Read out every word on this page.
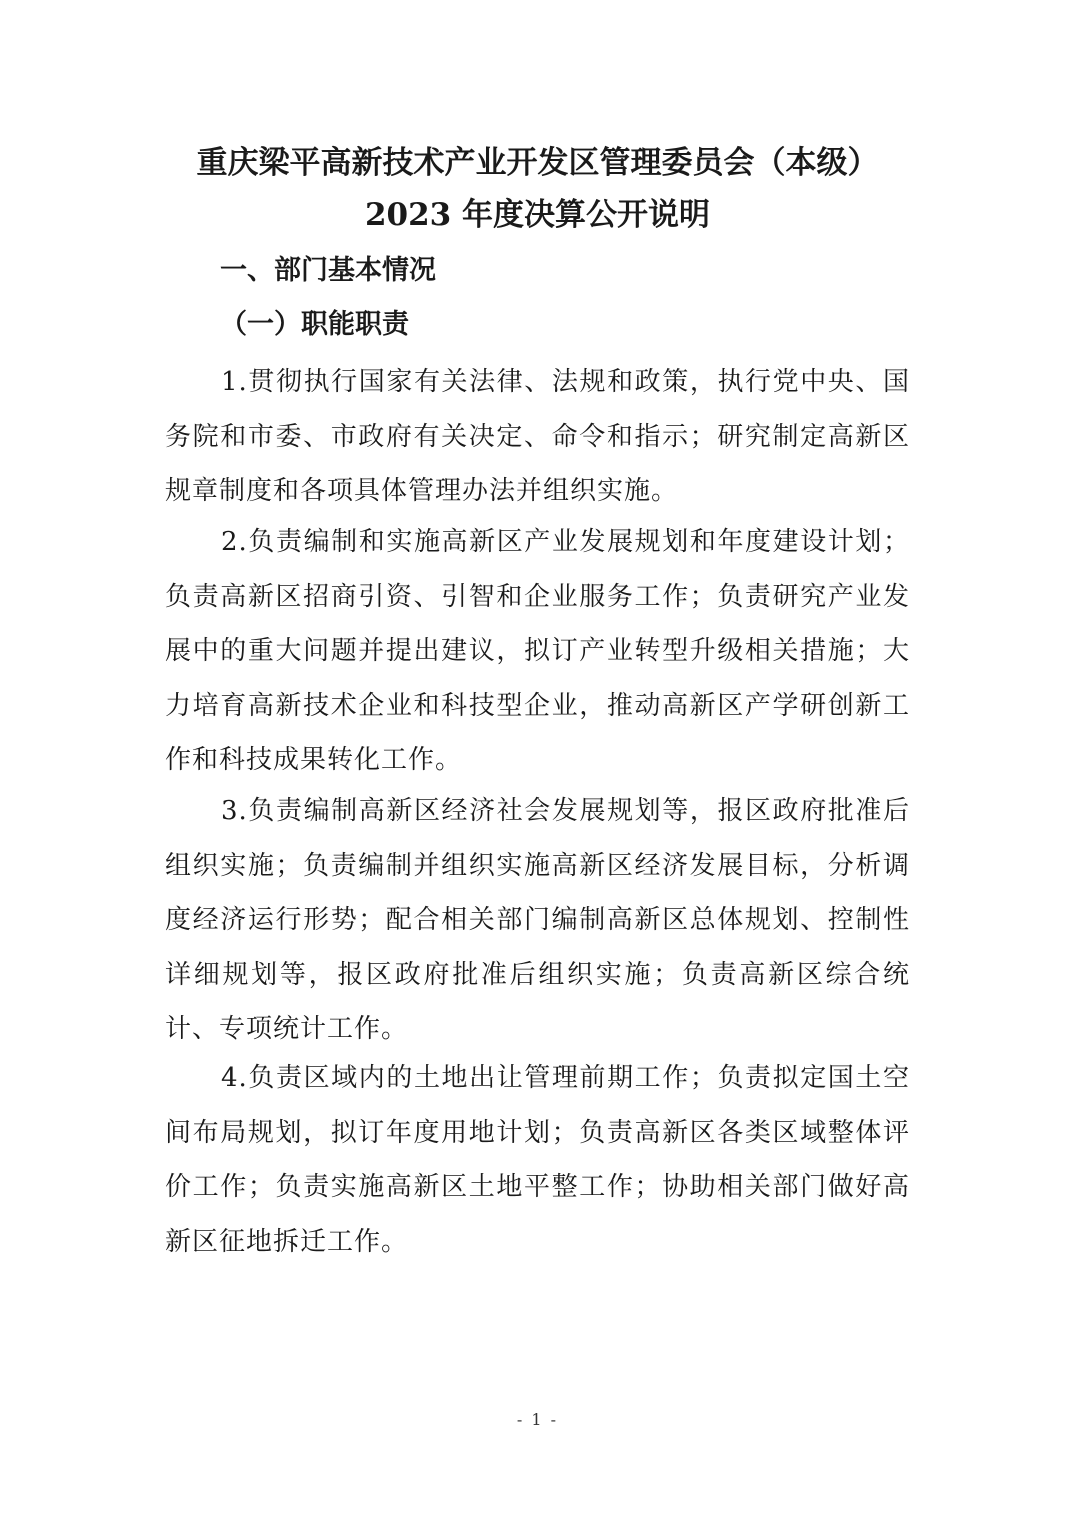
重庆梁平高新技术产业开发区管理委员会（本级）
2023 年度决算公开说明
一、部门基本情况
（一）职能职责

1.贯彻执行国家有关法律、法规和政策，执行党中央、国务院和市委、市政府有关决定、命令和指示；研究制定高新区规章制度和各项具体管理办法并组织实施。

2.负责编制和实施高新区产业发展规划和年度建设计划；负责高新区招商引资、引智和企业服务工作；负责研究产业发展中的重大问题并提出建议，拟订产业转型升级相关措施；大力培育高新技术企业和科技型企业，推动高新区产学研创新工作和科技成果转化工作。

3.负责编制高新区经济社会发展规划等，报区政府批准后组织实施；负责编制并组织实施高新区经济发展目标，分析调度经济运行形势；配合相关部门编制高新区总体规划、控制性详细规划等，报区政府批准后组织实施；负责高新区综合统计、专项统计工作。

4.负责区域内的土地出让管理前期工作；负责拟定国土空间布局规划，拟订年度用地计划；负责高新区各类区域整体评价工作；负责实施高新区土地平整工作；协助相关部门做好高新区征地拆迁工作。

- 1 -
